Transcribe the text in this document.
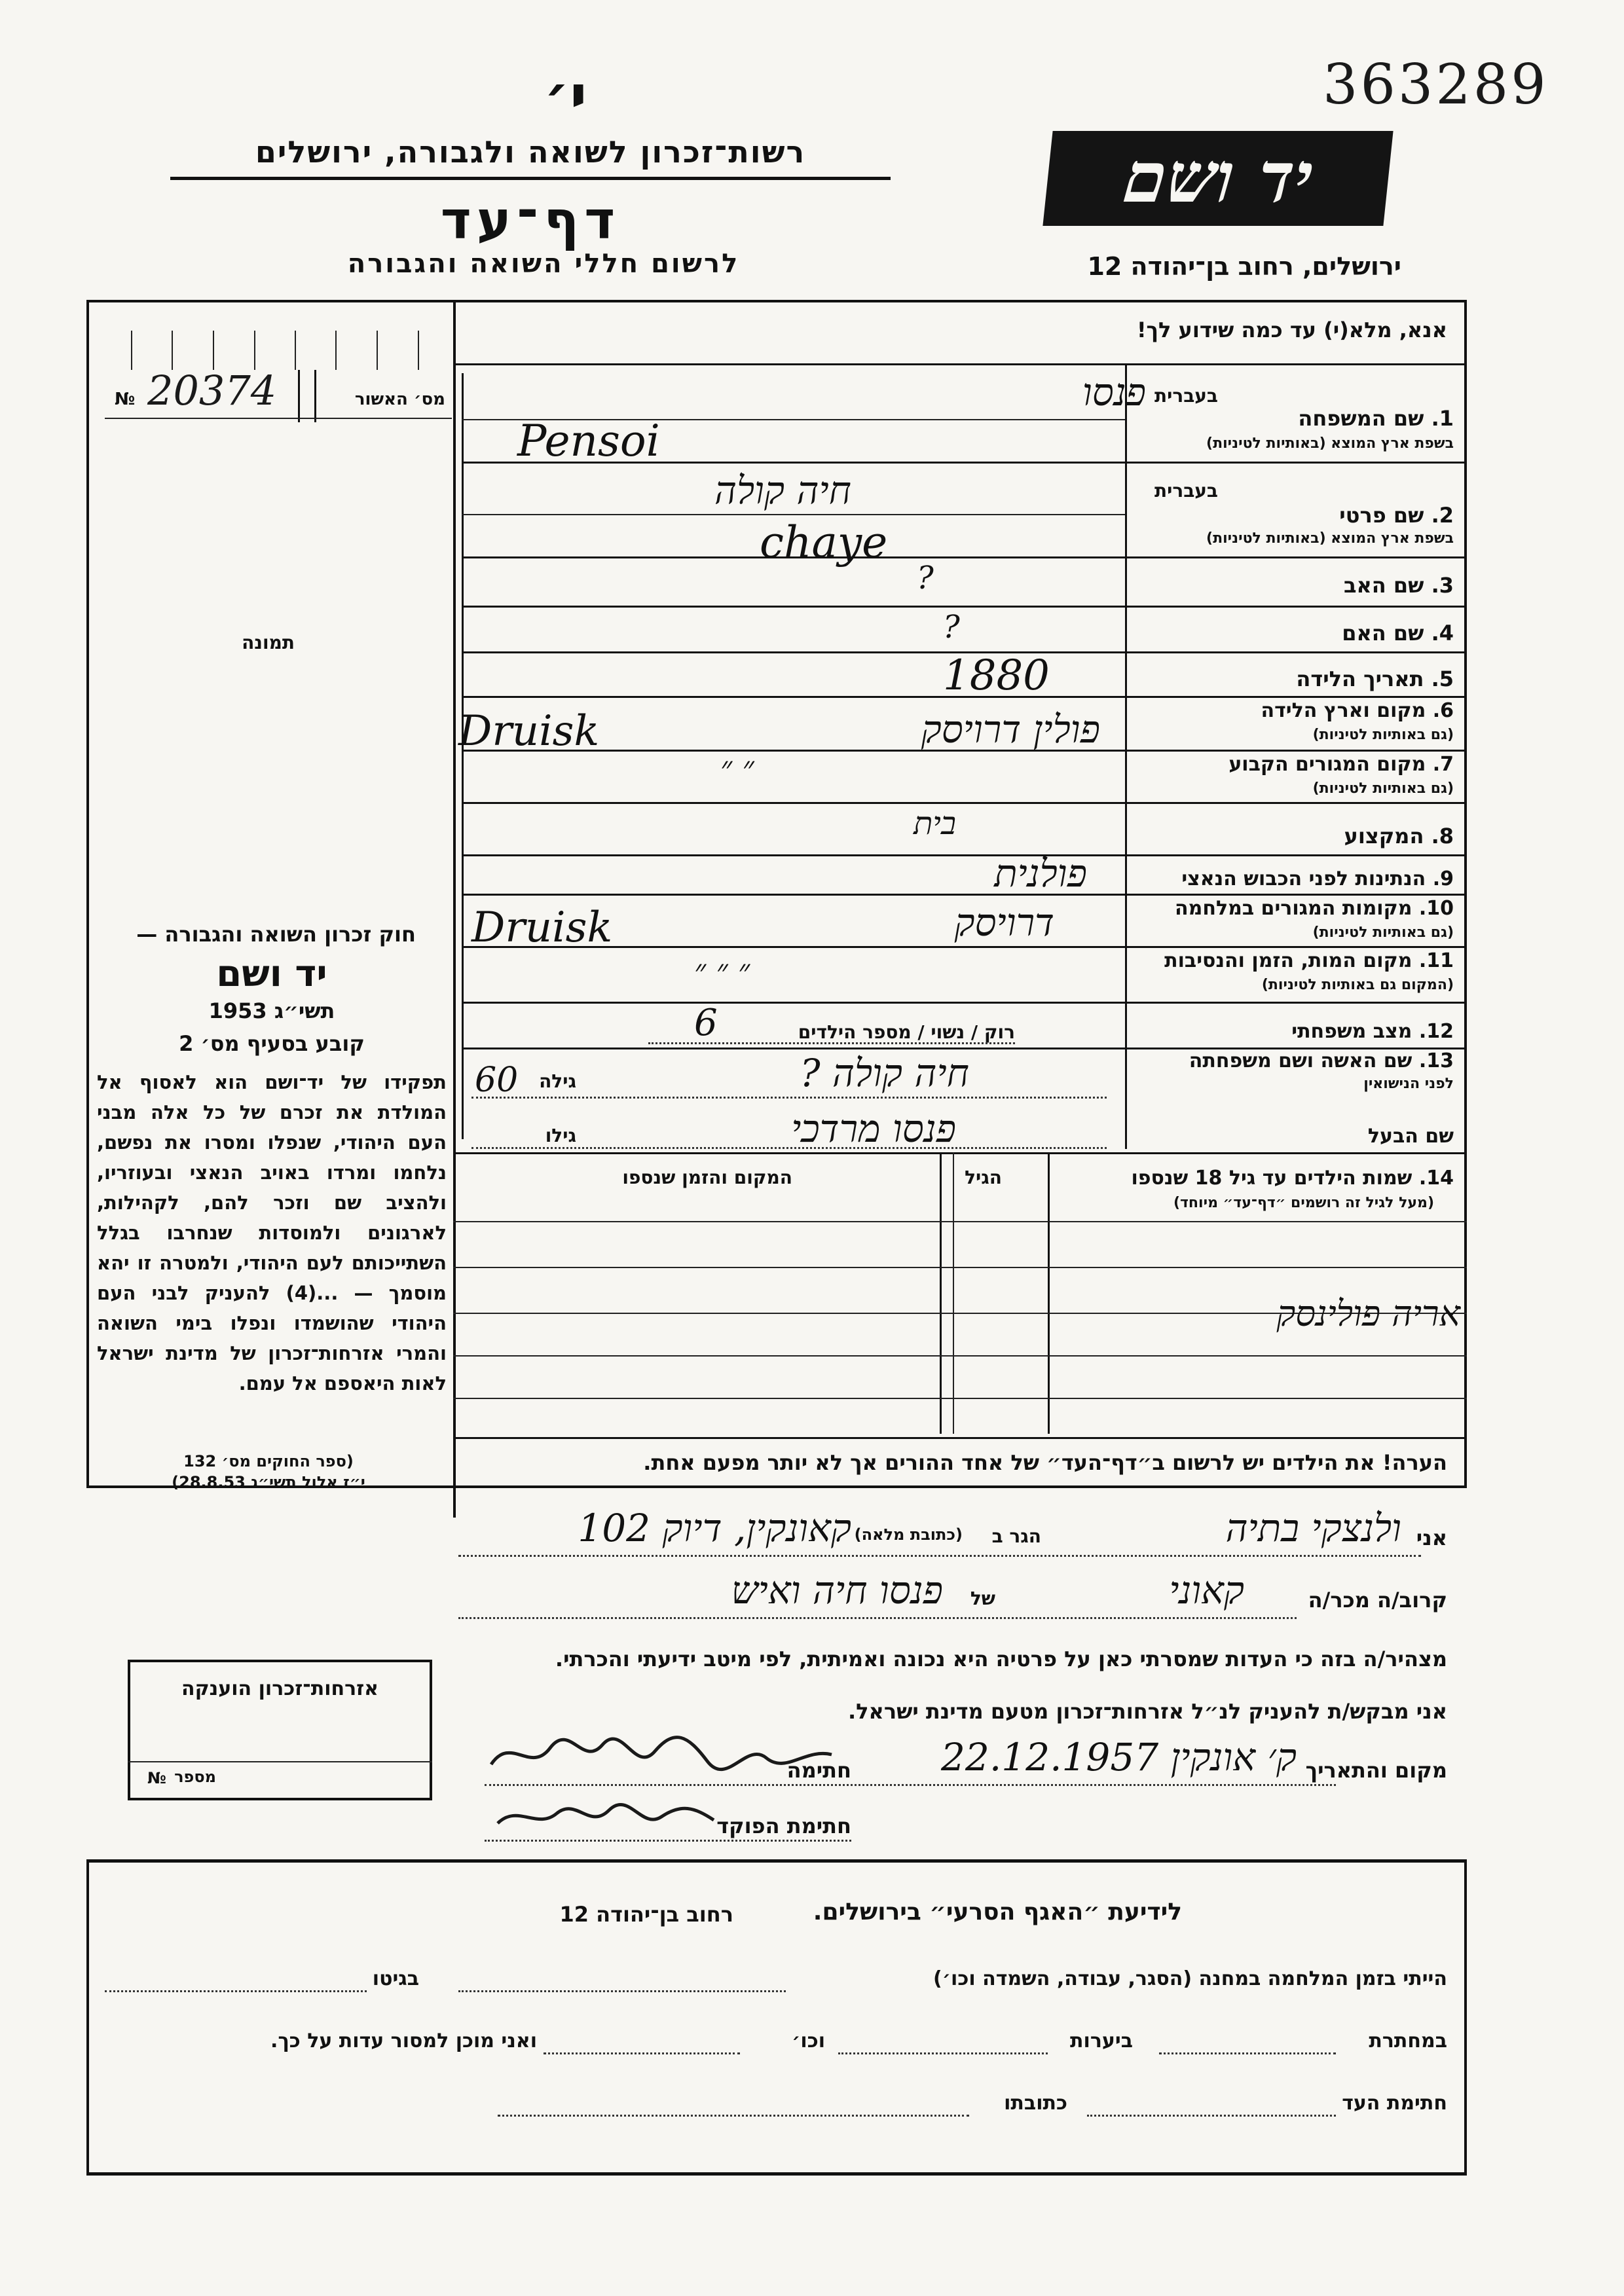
363289
י׳
רשות־זכרון לשואה ולגבורה, ירושלים
דף־עד
לרשום חללי השואה והגבורה
יד ושם
ירושלים, רחוב בן־יהודה 12
אנא, מלא(י) עד כמה שידוע לך!
№ 20374	מס׳ האשור
תמונה
חוק זכרון השואה והגבורה —
יד ושם
תשי״ג 1953
קובע בסעיף מס׳ 2
תפקידו של יד־ושם הוא לאסוף אל המולדת את זכרם של כל אלה מבני העם היהודי, שנפלו ומסרו את נפשם, נלחמו ומרדו באויב הנאצי ובעוזריו, ולהציב שם וזכר להם, לקהילות, לארגונים ולמוסדות שנחרבו בגלל השתייכותם לעם היהודי, ולמטרה זו יהא מוסמך — ...(4) להעניק לבני העם היהודי שהושמדו ונפלו בימי השואה והמרי אזרחות־זכרון של מדינת ישראל לאות היאספם אל עמם.
(ספר החוקים מס׳ 132
י״ז אלול תשי״ג 28.8.53)
בעברית
1. שם המשפחה
בשפת ארץ המוצא (באותיות לטיניות)
פנסו
Pensoi
בעברית
2. שם פרטי
בשפת ארץ המוצא (באותיות לטיניות)
חיה קולה
chaye
3. שם האב
?
4. שם האם
?
5. תאריך הלידה
1880
6. מקום וארץ הלידה
(גם באותיות לטיניות)
פולין דרויסק
Druisk
7. מקום המגורים הקבוע
(גם באותיות לטיניות)
״ ״
8. המקצוע
בית
9. הנתינות לפני הכבוש הנאצי
פולנית
10. מקומות המגורים במלחמה
(גם באותיות לטיניות)
דרויסק
Druisk
11. מקום המות, הזמן והנסיבות
(המקום גם באותיות לטיניות)
״ ״ ״
12. מצב משפחתי
רוק / נשוי / מספר הילדים
6
13. שם האשה ושם משפחתה
לפני הנישואין
חיה קולה ?
גילה
60
שם הבעל
פנסו מרדכי
גילו
14. שמות הילדים עד גיל 18 שנספו
(מעל לגיל זה רושמים ״דף־עד״ מיוחד)
הגיל
המקום והזמן שנספו
אריה פולינסק
הערה! את הילדים יש לרשום ב״דף־העד״ של אחד ההורים אך לא יותר מפעם אחת.
אני
ולנצקי בתיה
הגר ב
(כתובת מלאה)
קאונקין, דיוק 102
קרוב/ה מכר/ה
קאוני
של
פנסו חיה ואיש
מצהיר/ה בזה כי העדות שמסרתי כאן על פרטיה היא נכונה ואמיתית, לפי מיטב ידיעתי והכרתי.
אני מבקש/ת להעניק לנ״ל אזרחות־זכרון מטעם מדינת ישראל.
מקום והתאריך
ק׳ אונקין 22.12.1957
חתימה
חתימת הפוקד
אזרחות־זכרון הוענקה
№ מספר
לידיעת ״האגף הסרעי״ בירושלים.
רחוב בן־יהודה 12
הייתי בזמן המלחמה במחנה (הסגר, עבודה, השמדה וכו׳)
בגיטו
במחתרת
ביערות
וכו׳
ואני מוכן למסור עדות על כך.
חתימת העד
כתובתו
